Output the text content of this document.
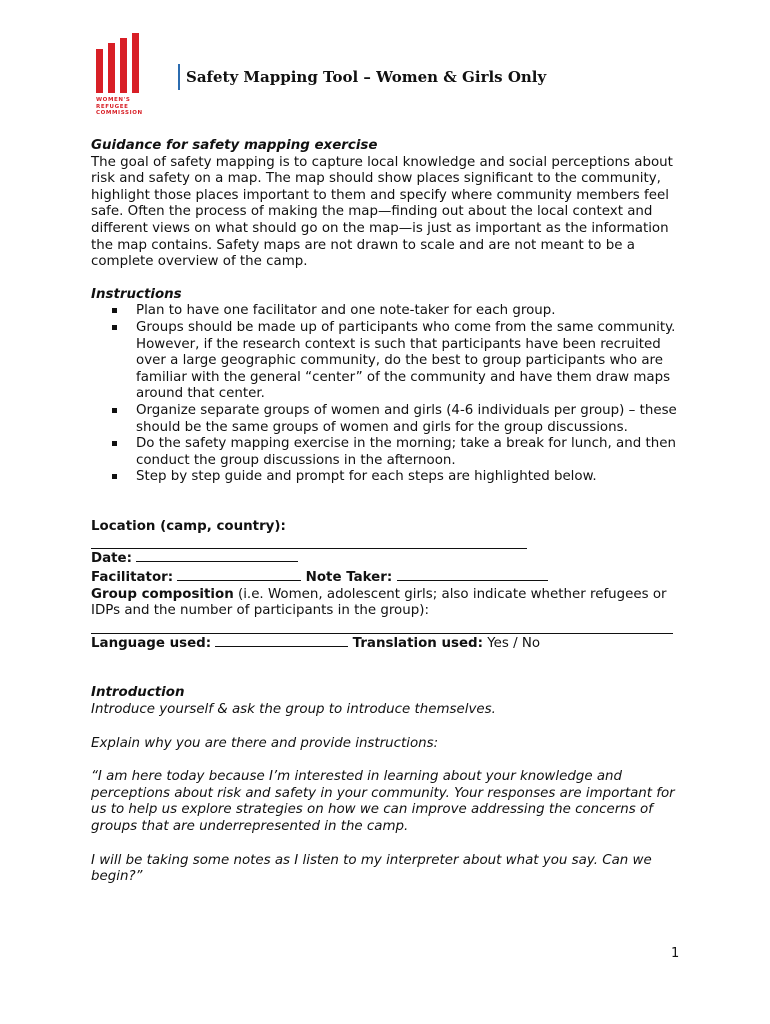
WOMEN'S
REFUGEE
COMMISSION
Safety Mapping Tool – Women & Girls Only
Guidance for safety mapping exercise

The goal of safety mapping is to capture local knowledge and social perceptions about risk and safety on a map. The map should show places significant to the community, highlight those places important to them and specify where community members feel safe. Often the process of making the map—finding out about the local context and different views on what should go on the map—is just as important as the information the map contains. Safety maps are not drawn to scale and are not meant to be a complete overview of the camp.

Instructions
Plan to have one facilitator and one note-taker for each group.
Groups should be made up of participants who come from the same community. However, if the research context is such that participants have been recruited over a large geographic community, do the best to group participants who are familiar with the general “center” of the community and have them draw maps around that center.
Organize separate groups of women and girls (4-6 individuals per group) – these should be the same groups of women and girls for the group discussions.
Do the safety mapping exercise in the morning; take a break for lunch, and then conduct the group discussions in the afternoon.
Step by step guide and prompt for each steps are highlighted below.
Location (camp, country):
Date:
Facilitator:	Note Taker:

Group composition (i.e. Women, adolescent girls; also indicate whether refugees or IDPs and the number of participants in the group):

Language used:	Translation used: Yes / No
Introduction

Introduce yourself & ask the group to introduce themselves.

Explain why you are there and provide instructions:

“I am here today because I’m interested in learning about your knowledge and perceptions about risk and safety in your community. Your responses are important for us to help us explore strategies on how we can improve addressing the concerns of groups that are underrepresented in the camp.

I will be taking some notes as I listen to my interpreter about what you say. Can we begin?”

1
